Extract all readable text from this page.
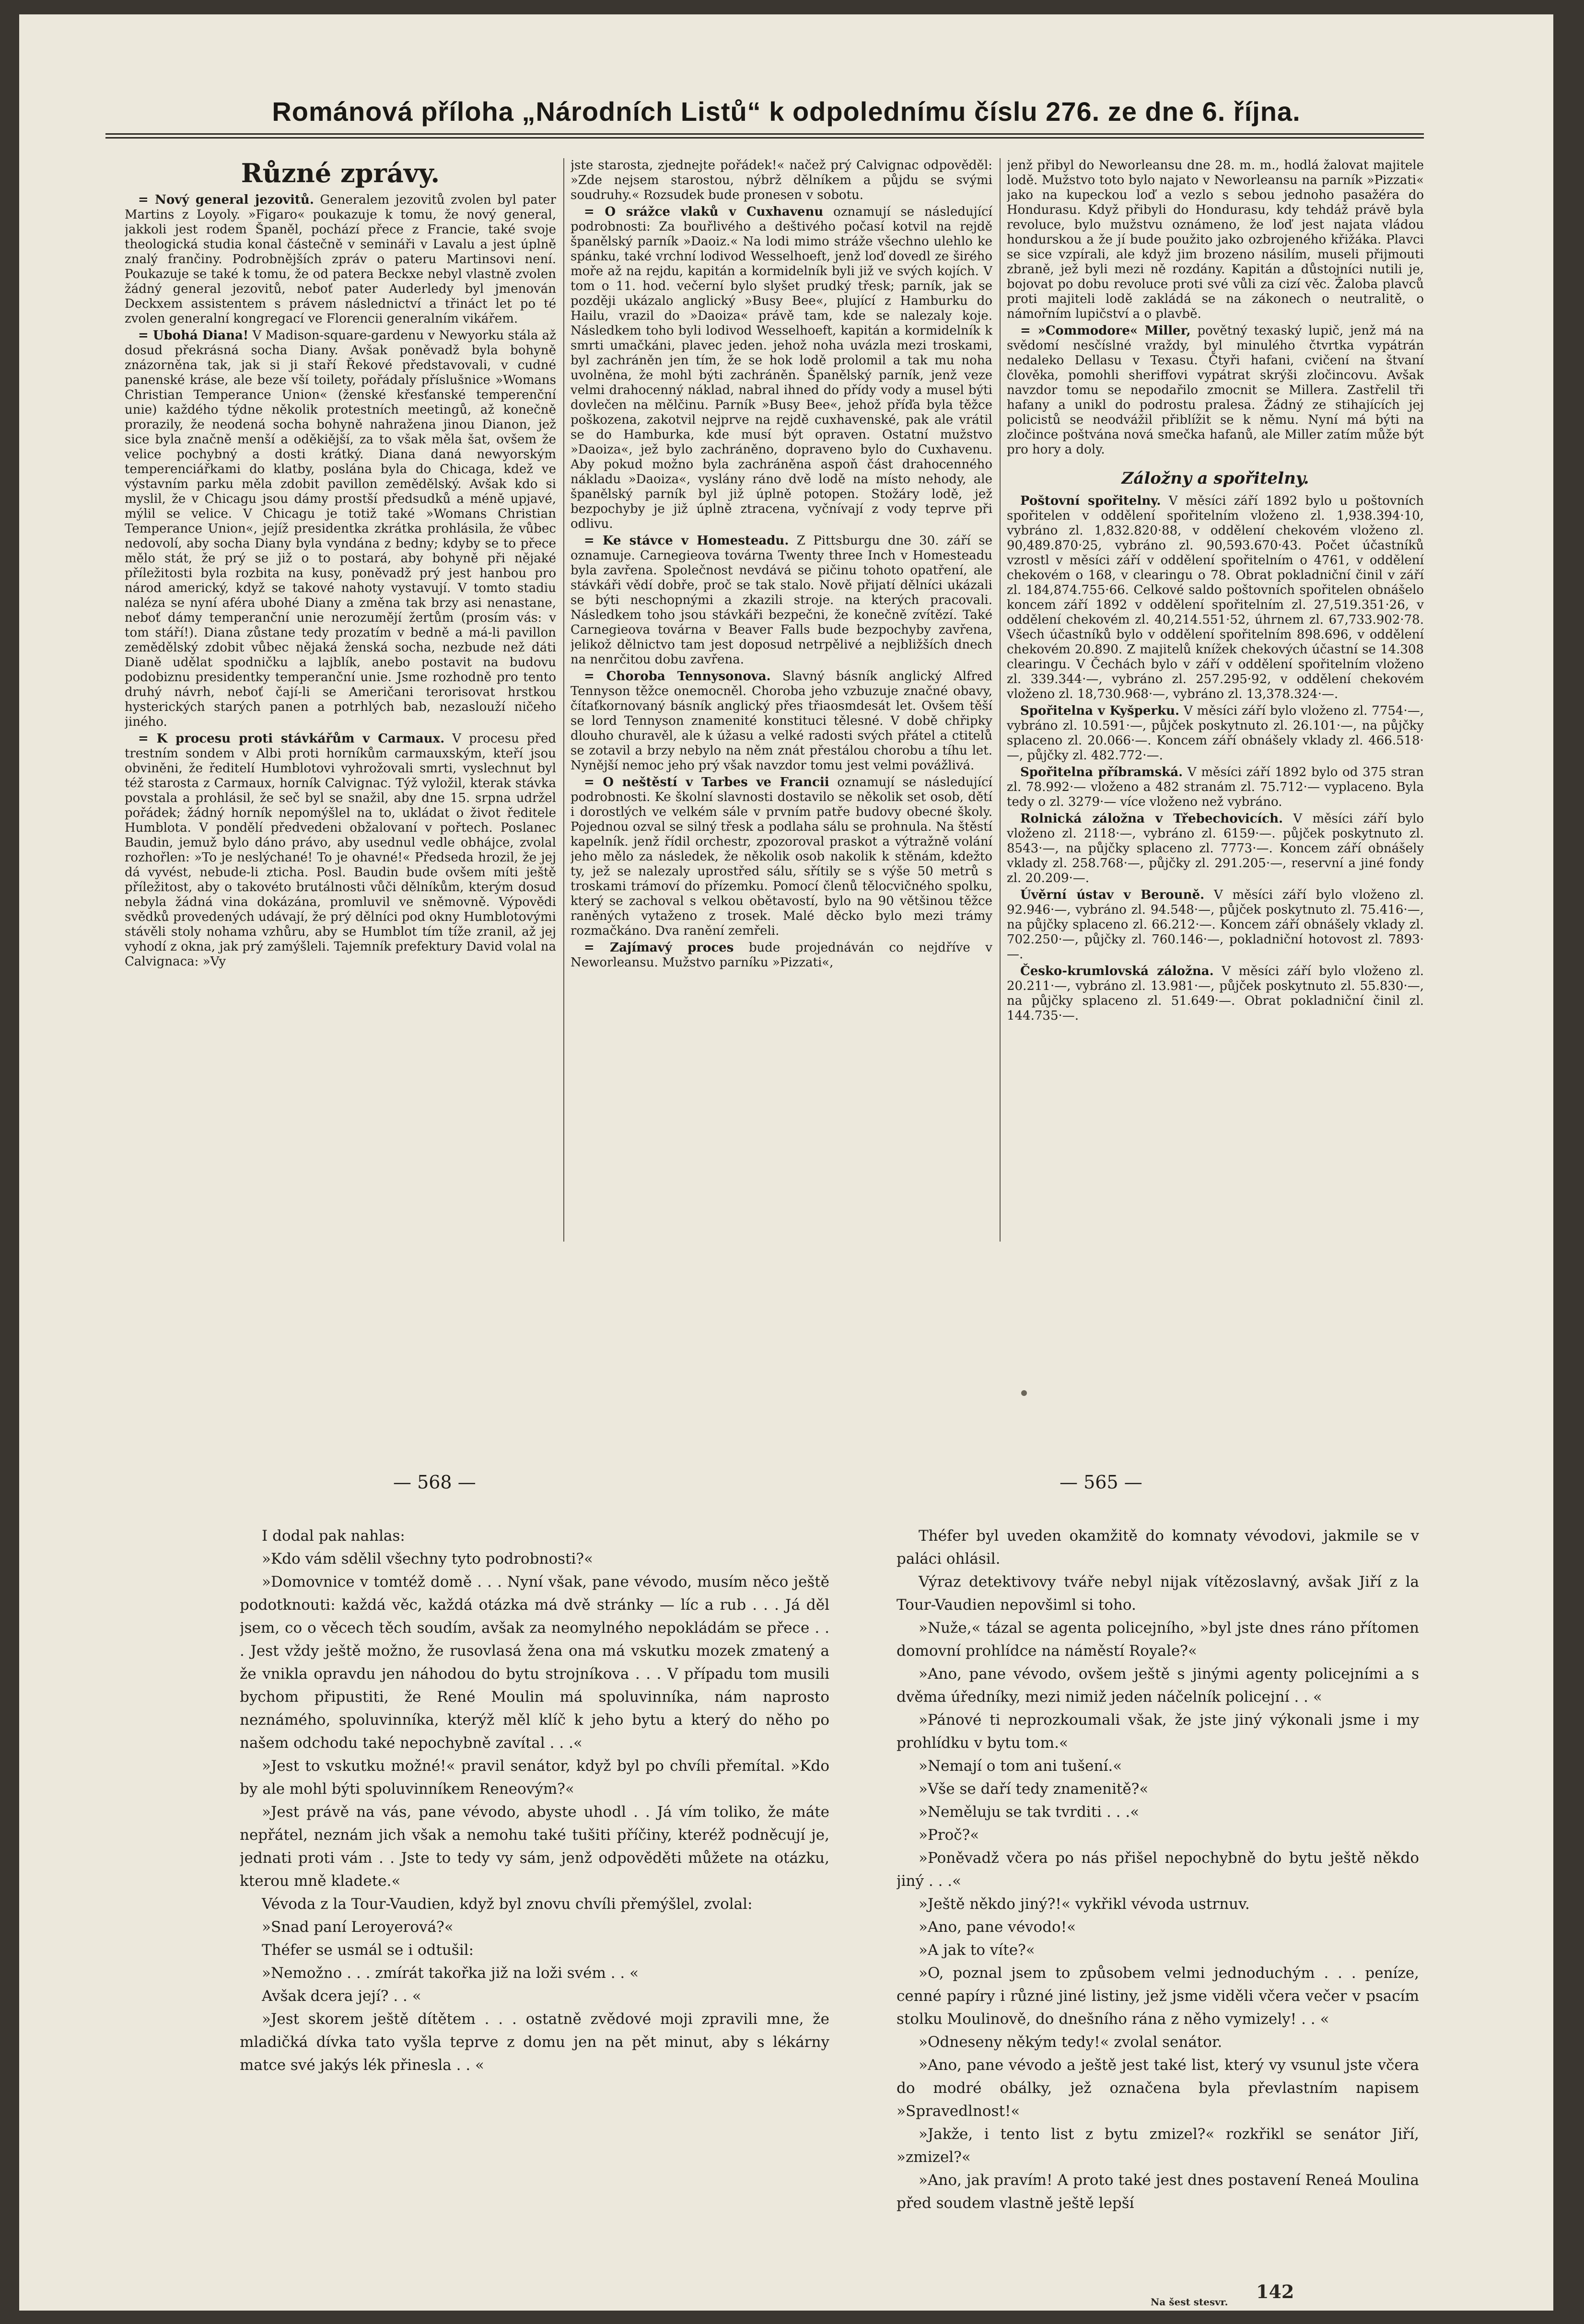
Románová příloha „Národních Listů“ k odpolednímu číslu 276. ze dne 6. října.
Různé zprávy.

= Nový general jezovitů. Generalem jezovitů zvolen byl pater Martins z Loyoly. »Figaro« poukazuje k tomu, že nový general, jakkoli jest rodem Španěl, pochází přece z Francie, také svoje theologická studia konal částečně v semináři v Lavalu a jest úplně znalý frančiny. Podrobnějších zpráv o pateru Martinsovi není. Poukazuje se také k tomu, že od patera Beckxe nebyl vlastně zvolen žádný general jezovitů, neboť pater Auderledy byl jmenován Deckxem assistentem s právem následnictví a třináct let po té zvolen generalní kongregací ve Florencii generalním vikářem.

= Ubohá Diana! V Madison-square-gardenu v Newyorku stála až dosud překrásná socha Diany. Avšak poněvadž byla bohyně znázorněna tak, jak si ji staří Řekové představovali, v cudné panenské kráse, ale beze vší toilety, pořádaly příslušnice »Womans Christian Temperance Union« (ženské křesťanské temperenční unie) každého týdne několik protestních meetingů, až konečně prorazily, že neodená socha bohyně nahražena jinou Dianon, jež sice byla značně menší a oděkiější, za to však měla šat, ovšem že velice pochybný a dosti krátký. Diana daná newyorským temperenciářkami do klatby, poslána byla do Chicaga, kdež ve výstavním parku měla zdobit pavillon zemědělský. Avšak kdo si myslil, že v Chicagu jsou dámy prostší předsudků a méně upjavé, mýlil se velice. V Chicagu je totiž také »Womans Christian Temperance Union«, jejíž presidentka zkrátka prohlásila, že vůbec nedovolí, aby socha Diany byla vyndána z bedny; kdyby se to přece mělo stát, že prý se již o to postará, aby bohyně při nějaké příležitosti byla rozbita na kusy, poněvadž prý jest hanbou pro národ americký, když se takové nahoty vystavují. V tomto stadiu naléza se nyní aféra ubohé Diany a změna tak brzy asi nenastane, neboť dámy temperanční unie nerozumějí žertům (prosím vás: v tom stáří!). Diana zůstane tedy prozatím v bedně a má-li pavillon zemědělský zdobit vůbec nějaká ženská socha, nezbude než dáti Dianě udělat spodničku a lajblík, anebo postavit na budovu podobiznu presidentky temperanční unie. Jsme rozhodně pro tento druhý návrh, neboť čají-li se Američani terorisovat hrstkou hysterických starých panen a potrhlých bab, nezaslouží ničeho jiného.

= K procesu proti stávkářům v Carmaux. V procesu před trestním sondem v Albi proti horníkům carmauxským, kteří jsou obviněni, že ředitelí Humblotovi vyhrožovali smrti, vyslechnut byl též starosta z Carmaux, horník Calvignac. Týž vyložil, kterak stávka povstala a prohlásil, že seč byl se snažil, aby dne 15. srpna udržel pořádek; žádný horník nepomýšlel na to, ukládat o život ředitele Humblota. V pondělí předvedeni obžalovaní v pořtech. Poslanec Baudin, jemuž bylo dáno právo, aby usednul vedle obhájce, zvolal rozhořlen: »To je neslýchané! To je ohavné!« Předseda hrozil, že jej dá vyvést, nebude-li zticha. Posl. Baudin bude ovšem míti ještě příležitost, aby o takovéto brutálnosti vůči dělníkům, kterým dosud nebyla žádná vina dokázána, promluvil ve sněmovně. Výpovědi svědků provedených udávají, že prý dělníci pod okny Humblotovými stávěli stoly nohama vzhůru, aby se Humblot tím tíže zranil, až jej vyhodí z okna, jak prý zamýšleli. Tajemník prefektury David volal na Calvignaca: »Vy

jste starosta, zjednejte pořádek!« načež prý Calvignac odpověděl: »Zde nejsem starostou, nýbrž dělníkem a půjdu se svými soudruhy.« Rozsudek bude pronesen v sobotu.

= O srážce vlaků v Cuxhavenu oznamují se následující podrobnosti: Za bouřlivého a deštivého počasí kotvil na rejdě španělský parník »Daoiz.« Na lodi mimo stráže všechno ulehlo ke spánku, také vrchní lodivod Wesselhoeft, jenž loď dovedl ze širého moře až na rejdu, kapitán a kormidelník byli již ve svých kojích. V tom o 11. hod. večerní bylo slyšet prudký třesk; parník, jak se později ukázalo anglický »Busy Bee«, plující z Hamburku do Hailu, vrazil do »Daoiza« právě tam, kde se nalezaly koje. Následkem toho byli lodivod Wesselhoeft, kapitán a kormidelník k smrti umačkáni, plavec jeden. jehož noha uvázla mezi troskami, byl zachráněn jen tím, že se hok lodě prolomil a tak mu noha uvolněna, že mohl býti zachráněn. Španělský parník, jenž veze velmi drahocenný náklad, nabral ihned do přídy vody a musel býti dovlečen na mělčinu. Parník »Busy Bee«, jehož příďa byla těžce poškozena, zakotvil nejprve na rejdě cuxhavenské, pak ale vrátil se do Hamburka, kde musí být opraven. Ostatní mužstvo »Daoiza«, jež bylo zachráněno, dopraveno bylo do Cuxhavenu. Aby pokud možno byla zachráněna aspoň část drahocenného nákladu »Daoiza«, vyslány ráno dvě lodě na místo nehody, ale španělský parník byl již úplně potopen. Stožáry lodě, jež bezpochyby je již úplně ztracena, vyčnívají z vody teprve při odlivu.

= Ke stávce v Homesteadu. Z Pittsburgu dne 30. září se oznamuje. Carnegieova továrna Twenty three Inch v Homesteadu byla zavřena. Společnost nevdává se pičinu tohoto opatření, ale stávkáři vědí dobře, proč se tak stalo. Nově přijatí dělníci ukázali se býti neschopnými a zkazili stroje. na kterých pracovali. Následkem toho jsou stávkáři bezpečni, že konečně zvítězí. Také Carnegieova továrna v Beaver Falls bude bezpochyby zavřena, jelikož dělnictvo tam jest doposud netrpělivé a nejbližších dnech na nenrčitou dobu zavřena.

= Choroba Tennysonova. Slavný básník anglický Alfred Tennyson těžce onemocněl. Choroba jeho vzbuzuje značné obavy, čítaťkornovaný básník anglický přes třiaosmdesát let. Ovšem těší se lord Tennyson znamenité konstituci tělesné. V době chřipky dlouho churavěl, ale k úžasu a velké radosti svých přátel a ctitelů se zotavil a brzy nebylo na něm znát přestálou chorobu a tíhu let. Nynější nemoc jeho prý však navzdor tomu jest velmi povážlivá.

= O neštěstí v Tarbes ve Francii oznamují se následující podrobnosti. Ke školní slavnosti dostavilo se několik set osob, dětí i dorostlých ve velkém sále v prvním patře budovy obecné školy. Pojednou ozval se silný třesk a podlaha sálu se prohnula. Na štěstí kapelník. jenž řídil orchestr, zpozoroval praskot a výtražně volání jeho mělo za následek, že několik osob nakolik k stěnám, kdežto ty, jež se nalezaly uprostřed sálu, sřítily se s výše 50 metrů s troskami trámoví do přízemku. Pomocí členů tělocvičného spolku, který se zachoval s velkou obětavostí, bylo na 90 většinou těžce raněných vytaženo z trosek. Malé děcko bylo mezi trámy rozmačkáno. Dva ranění zemřeli.

= Zajímavý proces bude projednáván co nejdříve v Neworleansu. Mužstvo parníku »Pizzati«,

jenž přibyl do Neworleansu dne 28. m. m., hodlá žalovat majitele lodě. Mužstvo toto bylo najato v Neworleansu na parník »Pizzati« jako na kupeckou loď a vezlo s sebou jednoho pasažéra do Hondurasu. Když přibyli do Hondurasu, kdy tehdáž právě byla revoluce, bylo mužstvu oznámeno, že loď jest najata vládou hondurskou a že jí bude použito jako ozbrojeného křižáka. Plavci se sice vzpírali, ale když jim brozeno násilím, museli přijmouti zbraně, jež byli mezi ně rozdány. Kapitán a důstojníci nutili je, bojovat po dobu revoluce proti své vůli za cizí věc. Žaloba plavců proti majiteli lodě zakládá se na zákonech o neutralitě, o námořním lupičství a o plavbě.

= »Commodore« Miller, povětný texaský lupič, jenž má na svědomí nesčíslné vraždy, byl minulého čtvrtka vypátrán nedaleko Dellasu v Texasu. Čtyři hafani, cvičení na štvaní člověka, pomohli sheriffovi vypátrat skrýši zločincovu. Avšak navzdor tomu se nepodařilo zmocnit se Millera. Zastřelil tři hafany a unikl do podrostu pralesa. Žádný ze stihajících jej policistů se neodvážil přiblížit se k němu. Nyní má býti na zločince poštvána nová smečka hafanů, ale Miller zatím může být pro hory a doly.

Záložny a spořitelny.

Poštovní spořitelny. V měsíci září 1892 bylo u poštovních spořitelen v oddělení spořitelním vloženo zl. 1,938.394·10, vybráno zl. 1,832.820·88, v oddělení chekovém vloženo zl. 90,489.870·25, vybráno zl. 90,593.670·43. Počet účastníků vzrostl v měsíci září v oddělení spořitelním o 4761, v oddělení chekovém o 168, v clearingu o 78. Obrat pokladniční činil v září zl. 184,874.755·66. Celkové saldo poštovních spořitelen obnášelo koncem září 1892 v oddělení spořitelním zl. 27,519.351·26, v oddělení chekovém zl. 40,214.551·52, úhrnem zl. 67,733.902·78. Všech účastníků bylo v oddělení spořitelním 898.696, v oddělení chekovém 20.890. Z majitelů knížek chekových účastní se 14.308 clearingu. V Čechách bylo v září v oddělení spořitelním vloženo zl. 339.344·—, vybráno zl. 257.295·92, v oddělení chekovém vloženo zl. 18,730.968·—, vybráno zl. 13,378.324·—.

Spořitelna v Kyšperku. V měsíci září bylo vloženo zl. 7754·—, vybráno zl. 10.591·—, půjček poskytnuto zl. 26.101·—, na půjčky splaceno zl. 20.066·—. Koncem září obnášely vklady zl. 466.518·—, půjčky zl. 482.772·—.

Spořitelna příbramská. V měsíci září 1892 bylo od 375 stran zl. 78.992·— vloženo a 482 stranám zl. 75.712·— vyplaceno. Byla tedy o zl. 3279·— více vloženo než vybráno.

Rolnická záložna v Třebechovicích. V měsíci září bylo vloženo zl. 2118·—, vybráno zl. 6159·—. půjček poskytnuto zl. 8543·—, na půjčky splaceno zl. 7773·—. Koncem září obnášely vklady zl. 258.768·—, půjčky zl. 291.205·—, reservní a jiné fondy zl. 20.209·—.

Úvěrní ústav v Berouně. V měsíci září bylo vloženo zl. 92.946·—, vybráno zl. 94.548·—, půjček poskytnuto zl. 75.416·—, na půjčky splaceno zl. 66.212·—. Koncem září obnášely vklady zl. 702.250·—, půjčky zl. 760.146·—, pokladniční hotovost zl. 7893·—.

Česko-krumlovská záložna. V měsíci září bylo vloženo zl. 20.211·—, vybráno zl. 13.981·—, půjček poskytnuto zl. 55.830·—, na půjčky splaceno zl. 51.649·—. Obrat pokladniční činil zl. 144.735·—.

— 568 —	— 565 —

I dodal pak nahlas:

»Kdo vám sdělil všechny tyto podrobnosti?«

»Domovnice v tomtéž domě . . . Nyní však, pane vévodo, musím něco ještě podotknouti: každá věc, každá otázka má dvě stránky — líc a rub . . . Já děl jsem, co o věcech těch soudím, avšak za neomylného nepokládám se přece . . . Jest vždy ještě možno, že rusovlasá žena ona má vskutku mozek zmatený a že vnikla opravdu jen náhodou do bytu strojníkova . . . V případu tom musili bychom připustiti, že René Moulin má spoluvinníka, nám naprosto neznámého, spoluvinníka, kterýž měl klíč k jeho bytu a který do něho po našem odchodu také nepochybně zavítal . . .«

»Jest to vskutku možné!« pravil senátor, když byl po chvíli přemítal. »Kdo by ale mohl býti spoluvinníkem Reneovým?«

»Jest právě na vás, pane vévodo, abyste uhodl . . Já vím toliko, že máte nepřátel, neznám jich však a nemohu také tušiti příčiny, kteréž podněcují je, jednati proti vám . . Jste to tedy vy sám, jenž odpověděti můžete na otázku, kterou mně kladete.«

Vévoda z la Tour-Vaudien, když byl znovu chvíli přemýšlel, zvolal:

»Snad paní Leroyerová?«

Théfer se usmál se i odtušil:

»Nemožno . . . zmírát takořka již na loži svém . . «

Avšak dcera její? . . «

»Jest skorem ještě dítětem . . . ostatně zvědové moji zpravili mne, že mladičká dívka tato vyšla teprve z domu jen na pět minut, aby s lékárny matce své jakýs lék přinesla . . «

Théfer byl uveden okamžitě do komnaty vévodovi, jakmile se v paláci ohlásil.

Výraz detektivovy tváře nebyl nijak vítězoslavný, avšak Jiří z la Tour-Vaudien nepovšiml si toho.

»Nuže,« tázal se agenta policejního, »byl jste dnes ráno přítomen domovní prohlídce na náměstí Royale?«

»Ano, pane vévodo, ovšem ještě s jinými agenty policejními a s dvěma úředníky, mezi nimiž jeden náčelník policejní . . «

»Pánové ti neprozkoumali však, že jste jiný výkonali jsme i my prohlídku v bytu tom.«

»Nemají o tom ani tušení.«

»Vše se daří tedy znamenitě?«

»Neměluju se tak tvrditi . . .«

»Proč?«

»Poněvadž včera po nás přišel nepochybně do bytu ještě někdo jiný . . .«

»Ještě někdo jiný?!« vykřikl vévoda ustrnuv.

»Ano, pane vévodo!«

»A jak to víte?«

»O, poznal jsem to způsobem velmi jednoduchým . . . peníze, cenné papíry i různé jiné listiny, jež jsme viděli včera večer v psacím stolku Moulinově, do dnešního rána z něho vymizely! . . «

»Odneseny někým tedy!« zvolal senátor.

»Ano, pane vévodo a ještě jest také list, který vy vsunul jste včera do modré obálky, jež označena byla převlastním napisem »Spravedlnost!«

»Jakže, i tento list z bytu zmizel?« rozkřikl se senátor Jiří, »zmizel?«

»Ano, jak pravím! A proto také jest dnes postavení Reneá Moulina před soudem vlastně ještě lepší

Na šest stesvr. 142
